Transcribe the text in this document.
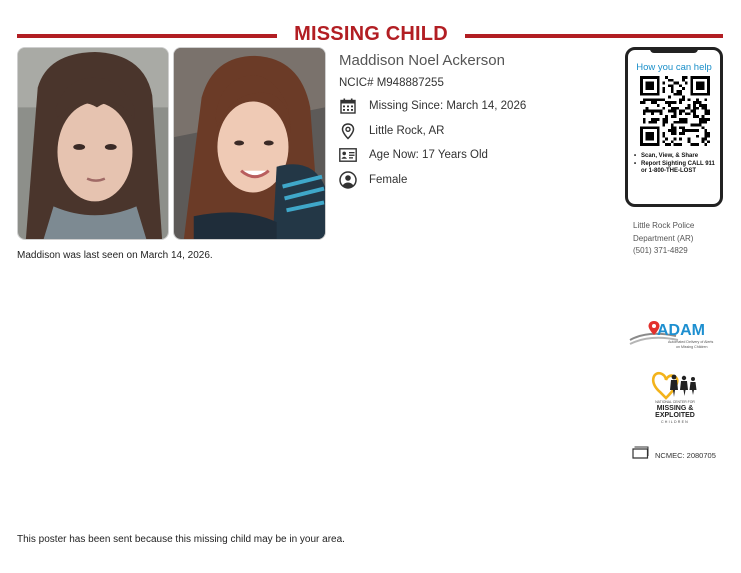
MISSING CHILD
Maddison was last seen on March 14, 2026.
Maddison Noel Ackerson
NCIC# M948887255
Missing Since: March 14, 2026
Little Rock, AR
Age Now: 17 Years Old
Female
How you can help
• Scan, View, & Share
• Report Sighting CALL 911 or 1-800-THE-LOST
Little Rock Police Department (AR)
(501) 371-4829
ADAM
Automated Delivery of Alerts
on Missing Children
NATIONAL CENTER FOR
MISSING &
EXPLOITED
CHILDREN
NCMEC: 2080705
This poster has been sent because this missing child may be in your area.
